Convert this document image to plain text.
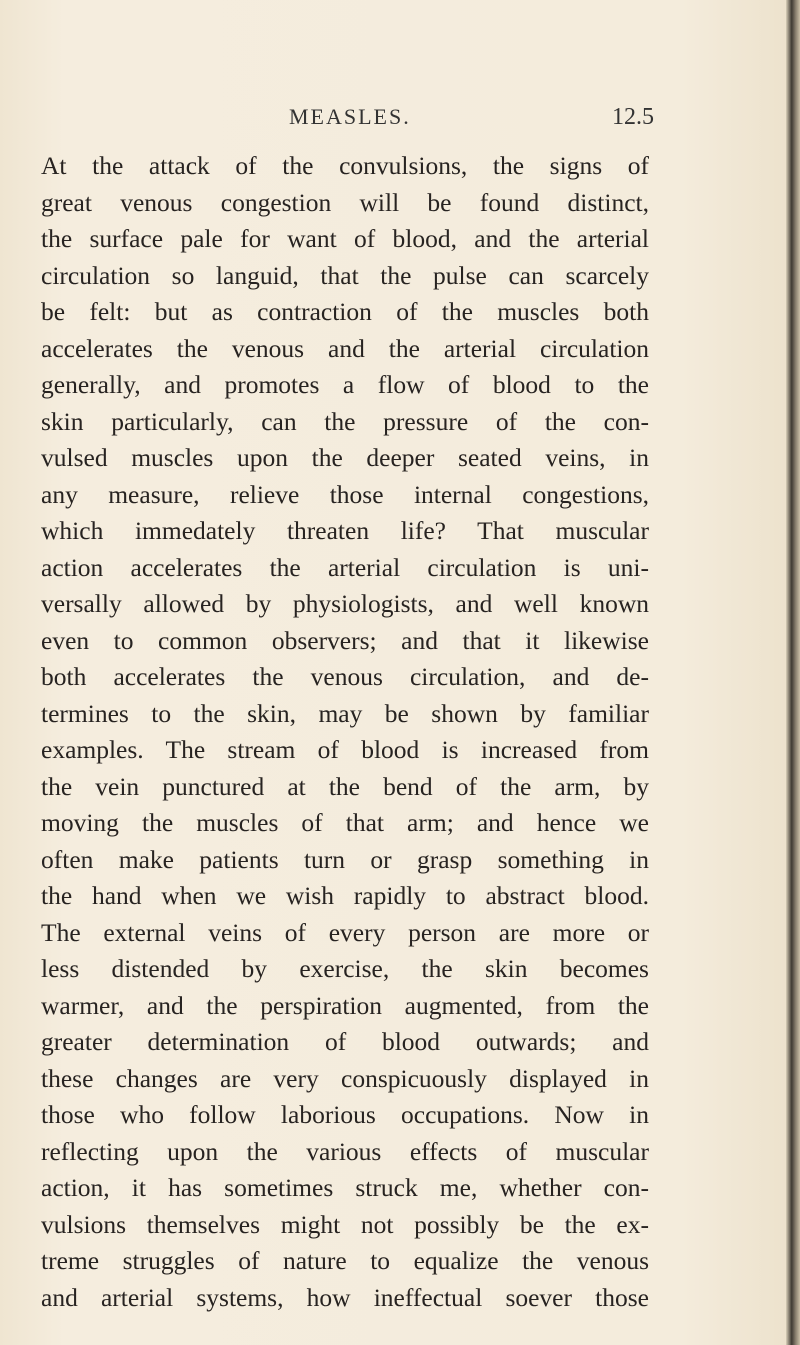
MEASLES.	12.5
At the attack of the convulsions, the signs of
great venous congestion will be found distinct,
the surface pale for want of blood, and the arterial
circulation so languid, that the pulse can scarcely
be felt: but as contraction of the muscles both
accelerates the venous and the arterial circulation
generally, and promotes a flow of blood to the
skin particularly, can the pressure of the con-
vulsed muscles upon the deeper seated veins, in
any measure, relieve those internal congestions,
which immedately threaten life? That muscular
action accelerates the arterial circulation is uni-
versally allowed by physiologists, and well known
even to common observers; and that it likewise
both accelerates the venous circulation, and de-
termines to the skin, may be shown by familiar
examples. The stream of blood is increased from
the vein punctured at the bend of the arm, by
moving the muscles of that arm; and hence we
often make patients turn or grasp something in
the hand when we wish rapidly to abstract blood.
The external veins of every person are more or
less distended by exercise, the skin becomes
warmer, and the perspiration augmented, from the
greater determination of blood outwards; and
these changes are very conspicuously displayed in
those who follow laborious occupations. Now in
reflecting upon the various effects of muscular
action, it has sometimes struck me, whether con-
vulsions themselves might not possibly be the ex-
treme struggles of nature to equalize the venous
and arterial systems, how ineffectual soever those
